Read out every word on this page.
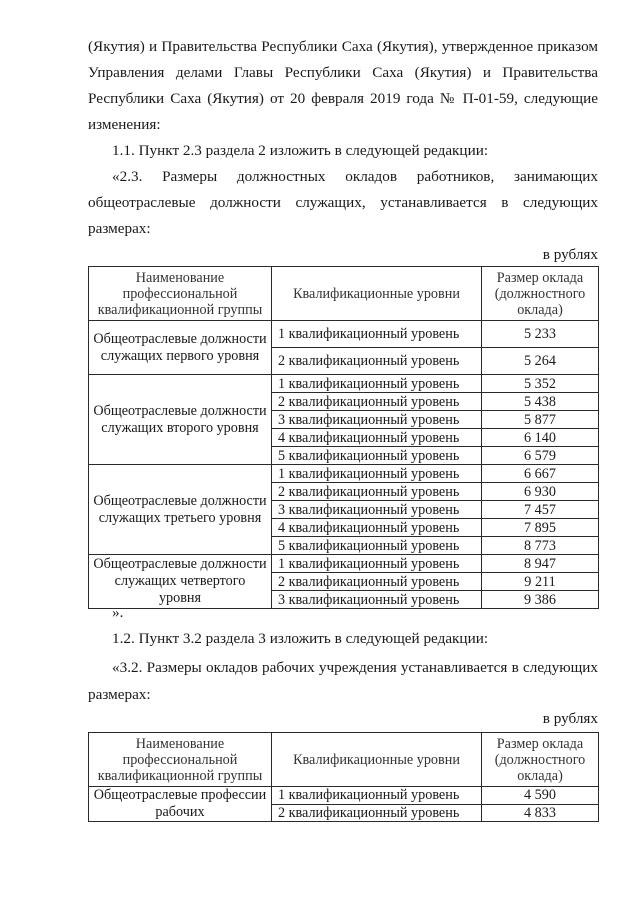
(Якутия) и Правительства Республики Саха (Якутия), утвержденное приказом
Управления делами Главы Республики Саха (Якутия) и Правительства
Республики Саха (Якутия) от 20 февраля 2019 года № П-01-59, следующие
изменения:
1.1. Пункт 2.3 раздела 2 изложить в следующей редакции:
«2.3. Размеры должностных окладов работников, занимающих
общеотраслевые должности служащих, устанавливается в следующих
размерах:
в рублях
Наименование профессиональной квалификационной группы	Квалификационные уровни	Размер оклада (должностного оклада)
Общеотраслевые должности служащих первого уровня	1 квалификационный уровень	5 233
	2 квалификационный уровень	5 264
Общеотраслевые должности служащих второго уровня	1 квалификационный уровень	5 352
	2 квалификационный уровень	5 438
	3 квалификационный уровень	5 877
	4 квалификационный уровень	6 140
	5 квалификационный уровень	6 579
Общеотраслевые должности служащих третьего уровня	1 квалификационный уровень	6 667
	2 квалификационный уровень	6 930
	3 квалификационный уровень	7 457
	4 квалификационный уровень	7 895
	5 квалификационный уровень	8 773
Общеотраслевые должности служащих четвертого уровня	1 квалификационный уровень	8 947
	2 квалификационный уровень	9 211
	3 квалификационный уровень	9 386
».
1.2. Пункт 3.2 раздела 3 изложить в следующей редакции:
«3.2. Размеры окладов рабочих учреждения устанавливается в следующих
размерах:
в рублях
Наименование профессиональной квалификационной группы	Квалификационные уровни	Размер оклада (должностного оклада)
Общеотраслевые профессии рабочих	1 квалификационный уровень	4 590
	2 квалификационный уровень	4 833
